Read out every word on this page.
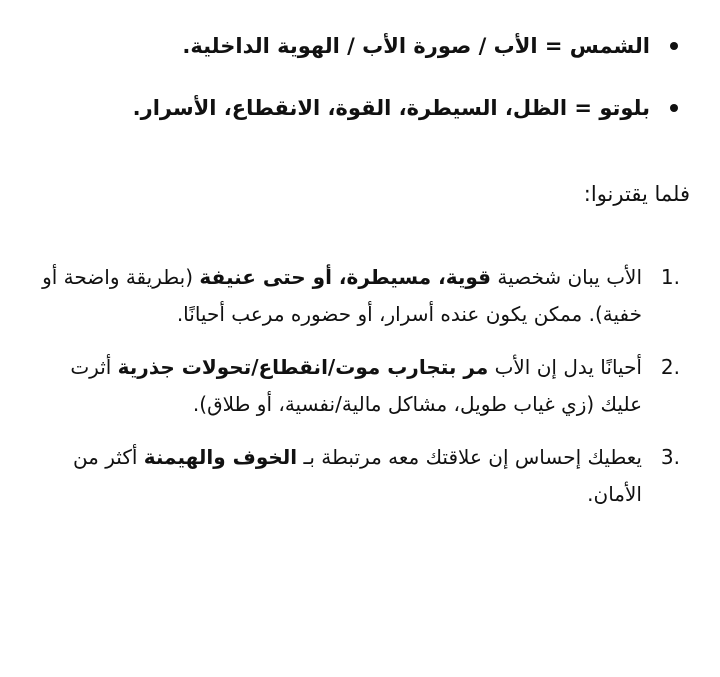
الشمس = الأب / صورة الأب / الهوية الداخلية.
بلوتو = الظل، السيطرة، القوة، الانقطاع، الأسرار.

فلما يقترنوا:

1.
الأب يبان شخصية قوية، مسيطرة، أو حتى عنيفة (بطريقة واضحة أو خفية). ممكن يكون عنده أسرار، أو حضوره مرعب أحيانًا.
2.
أحيانًا يدل إن الأب مر بتجارب موت/انقطاع/تحولات جذرية أثرت عليك (زي غياب طويل، مشاكل مالية/نفسية، أو طلاق).
3.
يعطيك إحساس إن علاقتك معه مرتبطة بـ الخوف والهيمنة أكثر من الأمان.
